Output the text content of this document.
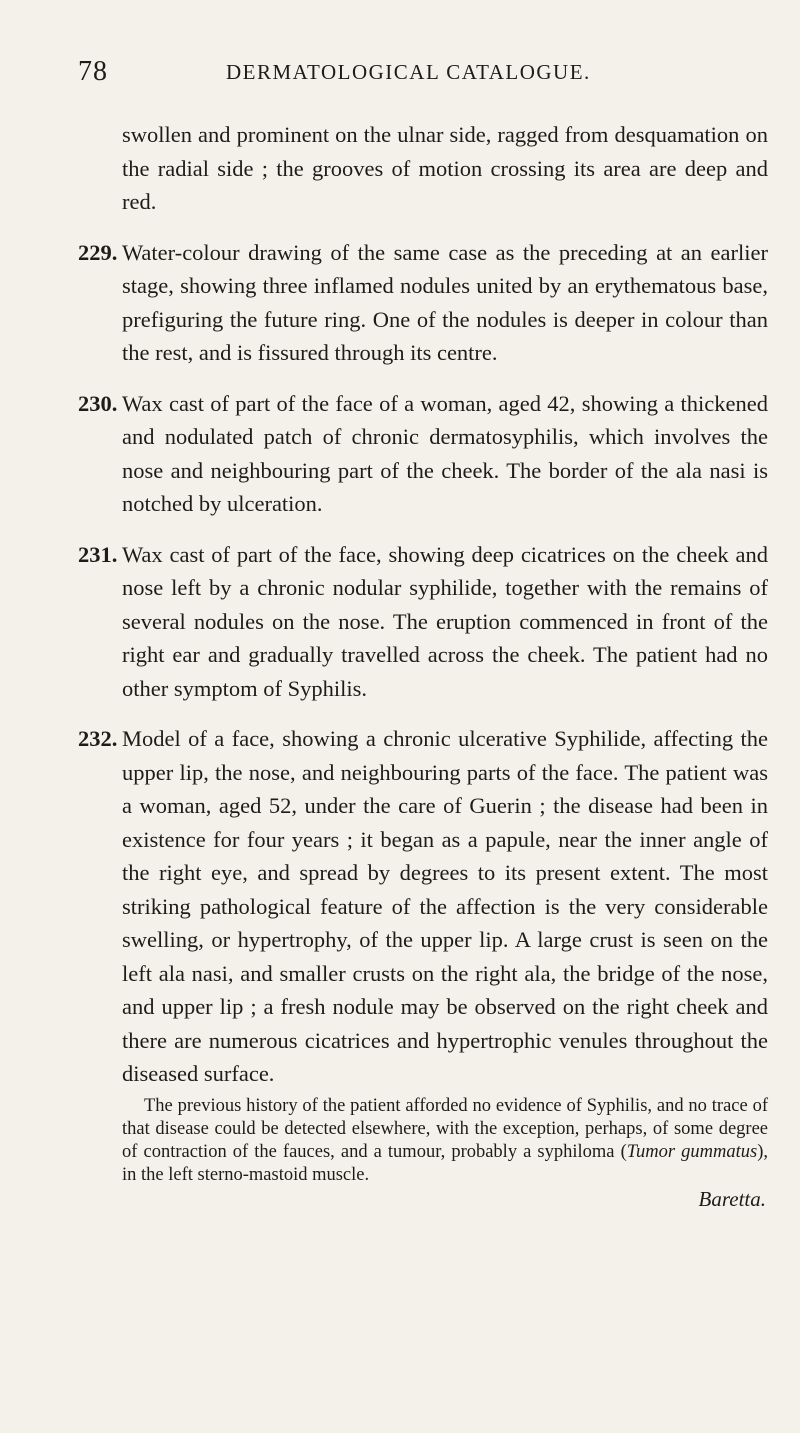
78	DERMATOLOGICAL CATALOGUE.

swollen and prominent on the ulnar side, ragged from desquamation on the radial side ; the grooves of motion crossing its area are deep and red.

229. Water-colour drawing of the same case as the preceding at an earlier stage, showing three inflamed nodules united by an erythematous base, prefiguring the future ring. One of the nodules is deeper in colour than the rest, and is fissured through its centre.

230. Wax cast of part of the face of a woman, aged 42, showing a thickened and nodulated patch of chronic dermatosyphilis, which involves the nose and neighbouring part of the cheek. The border of the ala nasi is notched by ulceration.

231. Wax cast of part of the face, showing deep cicatrices on the cheek and nose left by a chronic nodular syphilide, together with the remains of several nodules on the nose. The eruption commenced in front of the right ear and gradually travelled across the cheek. The patient had no other symptom of Syphilis.

232. Model of a face, showing a chronic ulcerative Syphilide, affecting the upper lip, the nose, and neighbouring parts of the face. The patient was a woman, aged 52, under the care of Guerin ; the disease had been in existence for four years ; it began as a papule, near the inner angle of the right eye, and spread by degrees to its present extent. The most striking pathological feature of the affection is the very considerable swelling, or hypertrophy, of the upper lip. A large crust is seen on the left ala nasi, and smaller crusts on the right ala, the bridge of the nose, and upper lip ; a fresh nodule may be observed on the right cheek and there are numerous cicatrices and hypertrophic venules throughout the diseased surface.

The previous history of the patient afforded no evidence of Syphilis, and no trace of that disease could be detected elsewhere, with the exception, perhaps, of some degree of contraction of the fauces, and a tumour, probably a syphiloma (Tumor gummatus), in the left sterno-mastoid muscle.

Baretta.
